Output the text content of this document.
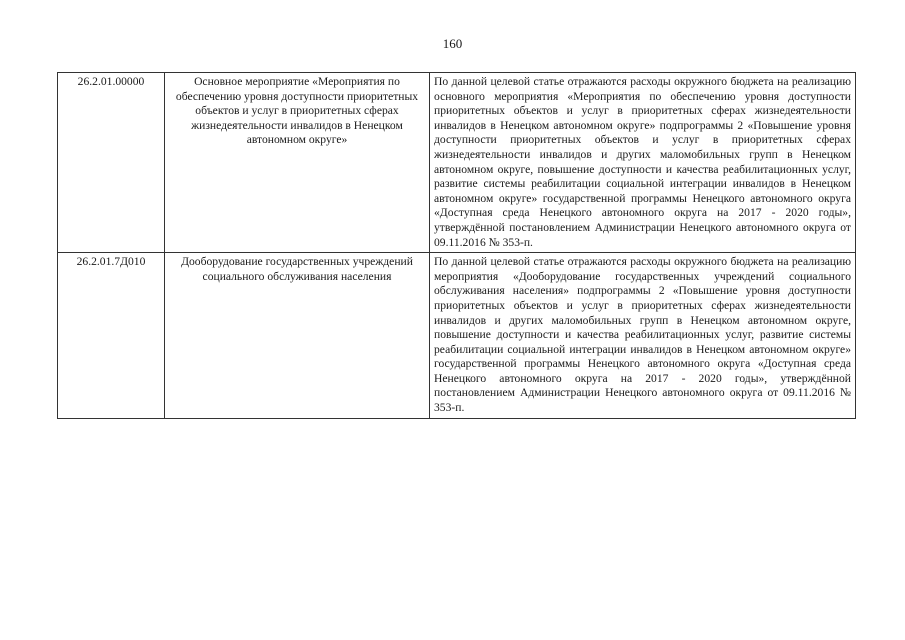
160
26.2.01.00000	Основное мероприятие «Мероприятия по обеспечению уровня доступности приоритетных объектов и услуг в приоритетных сферах жизнедеятельности инвалидов в Ненецком автономном округе»	По данной целевой статье отражаются расходы окружного бюджета на реализацию основного мероприятия «Мероприятия по обеспечению уровня доступности приоритетных объектов и услуг в приоритетных сферах жизнедеятельности инвалидов в Ненецком автономном округе» подпрограммы 2 «Повышение уровня доступности приоритетных объектов и услуг в приоритетных сферах жизнедеятельности инвалидов и других маломобильных групп в Ненецком автономном округе, повышение доступности и качества реабилитационных услуг, развитие системы реабилитации социальной интеграции инвалидов в Ненецком автономном округе» государственной программы Ненецкого автономного округа «Доступная среда Ненецкого автономного округа на 2017 - 2020 годы», утверждённой постановлением Администрации Ненецкого автономного округа от 09.11.2016 № 353-п.
26.2.01.7Д010	Дооборудование государственных учреждений социального обслуживания населения	По данной целевой статье отражаются расходы окружного бюджета на реализацию мероприятия «Дооборудование государственных учреждений социального обслуживания населения» подпрограммы 2 «Повышение уровня доступности приоритетных объектов и услуг в приоритетных сферах жизнедеятельности инвалидов и других маломобильных групп в Ненецком автономном округе, повышение доступности и качества реабилитационных услуг, развитие системы реабилитации социальной интеграции инвалидов в Ненецком автономном округе» государственной программы Ненецкого автономного округа «Доступная среда Ненецкого автономного округа на 2017 - 2020 годы», утверждённой постановлением Администрации Ненецкого автономного округа от 09.11.2016 № 353-п.
